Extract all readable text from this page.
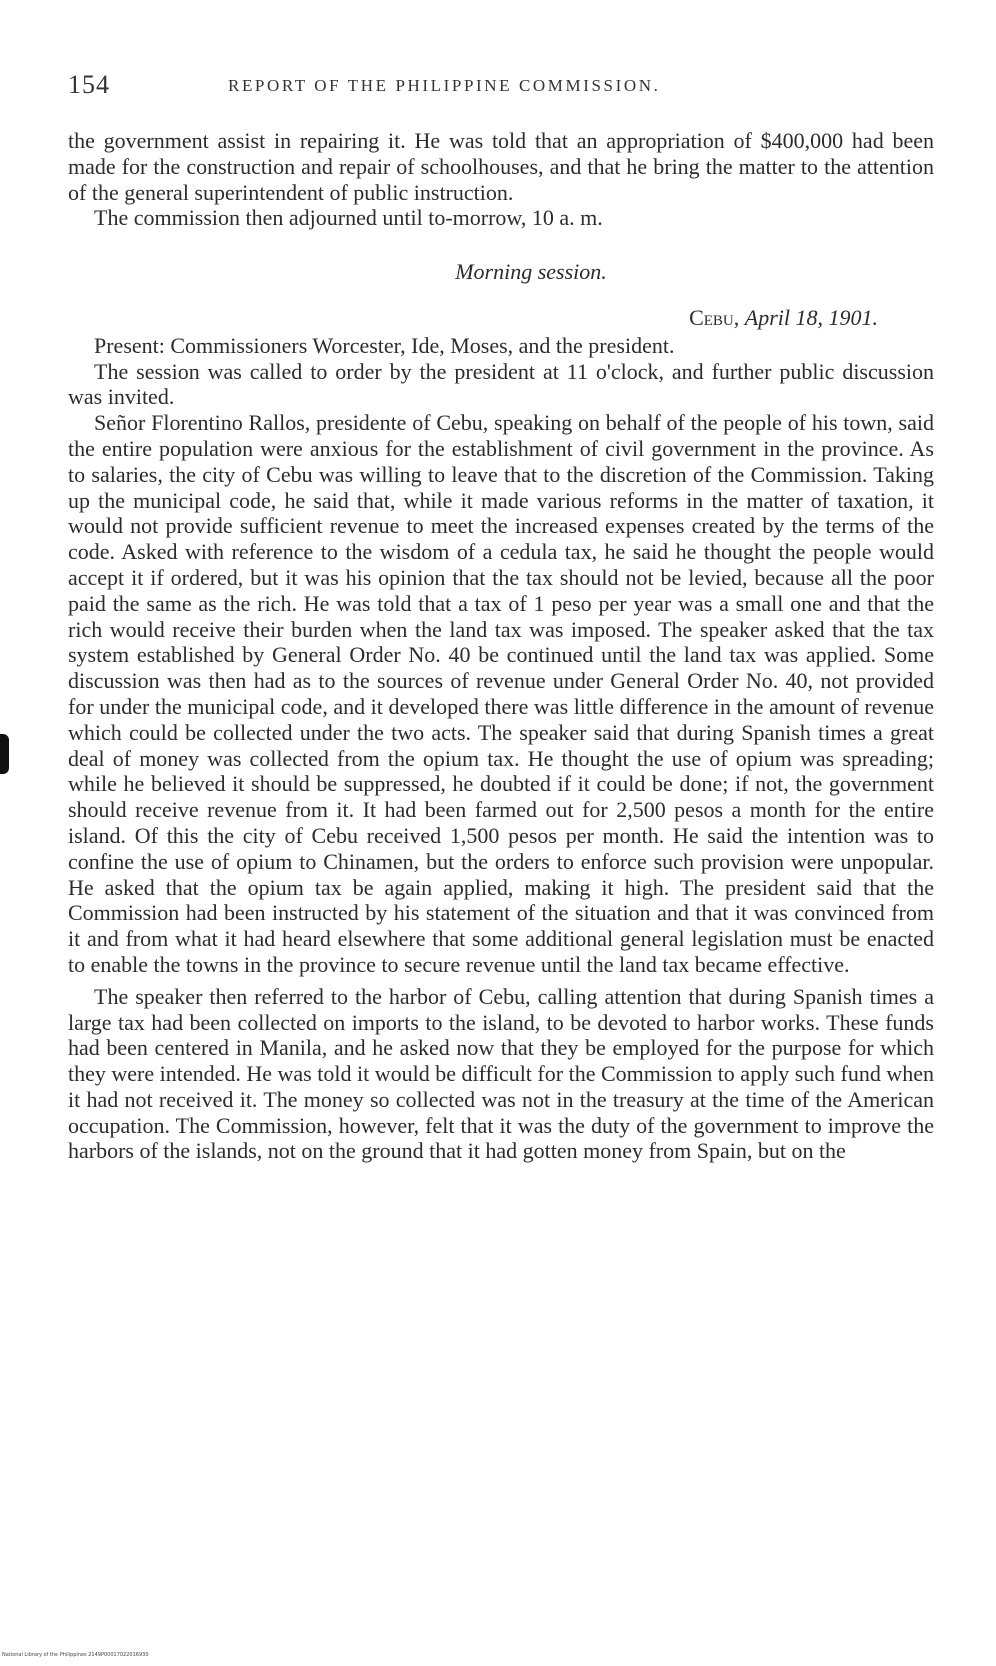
154	REPORT OF THE PHILIPPINE COMMISSION.

the government assist in repairing it. He was told that an appropriation of $400,000 had been made for the construction and repair of schoolhouses, and that he bring the matter to the attention of the general superintendent of public instruction.

The commission then adjourned until to-morrow, 10 a. m.

Morning session.

Cebu, April 18, 1901.

Present: Commissioners Worcester, Ide, Moses, and the president.

The session was called to order by the president at 11 o'clock, and further public discussion was invited.

Señor Florentino Rallos, presidente of Cebu, speaking on behalf of the people of his town, said the entire population were anxious for the establishment of civil government in the province. As to salaries, the city of Cebu was willing to leave that to the discretion of the Commission. Taking up the municipal code, he said that, while it made various reforms in the matter of taxation, it would not provide sufficient revenue to meet the increased expenses created by the terms of the code. Asked with reference to the wisdom of a cedula tax, he said he thought the people would accept it if ordered, but it was his opinion that the tax should not be levied, because all the poor paid the same as the rich. He was told that a tax of 1 peso per year was a small one and that the rich would receive their burden when the land tax was imposed. The speaker asked that the tax system established by General Order No. 40 be continued until the land tax was applied. Some discussion was then had as to the sources of revenue under General Order No. 40, not provided for under the municipal code, and it developed there was little difference in the amount of revenue which could be collected under the two acts. The speaker said that during Spanish times a great deal of money was collected from the opium tax. He thought the use of opium was spreading; while he believed it should be suppressed, he doubted if it could be done; if not, the government should receive revenue from it. It had been farmed out for 2,500 pesos a month for the entire island. Of this the city of Cebu received 1,500 pesos per month. He said the intention was to confine the use of opium to Chinamen, but the orders to enforce such provision were unpopular. He asked that the opium tax be again applied, making it high. The president said that the Commission had been instructed by his statement of the situation and that it was convinced from it and from what it had heard elsewhere that some additional general legislation must be enacted to enable the towns in the province to secure revenue until the land tax became effective.

The speaker then referred to the harbor of Cebu, calling attention that during Spanish times a large tax had been collected on imports to the island, to be devoted to harbor works. These funds had been centered in Manila, and he asked now that they be employed for the purpose for which they were intended. He was told it would be difficult for the Commission to apply such fund when it had not received it. The money so collected was not in the treasury at the time of the American occupation. The Commission, however, felt that it was the duty of the government to improve the harbors of the islands, not on the ground that it had gotten money from Spain, but on the

National Library of the Philippines 2149P00017022016930
